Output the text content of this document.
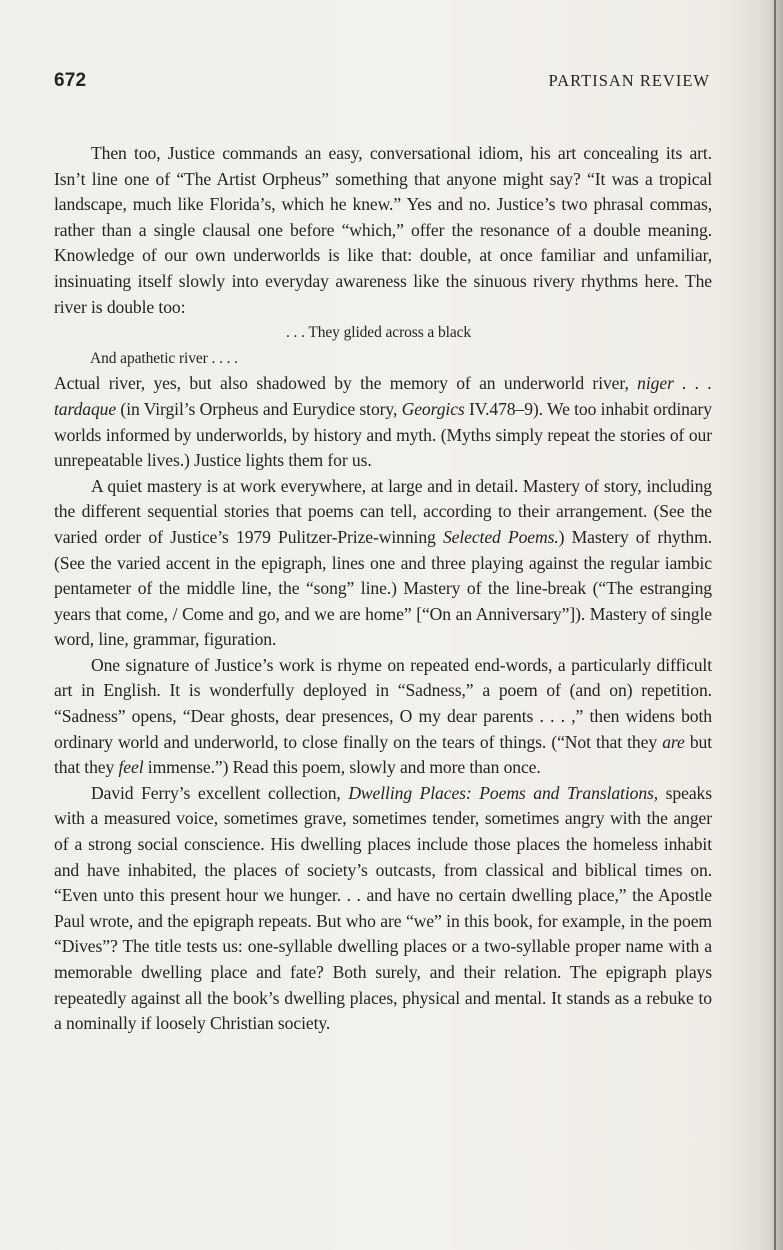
672	PARTISAN REVIEW

Then too, Justice commands an easy, conversational idiom, his art concealing its art. Isn’t line one of “The Artist Orpheus” something that anyone might say? “It was a tropical landscape, much like Florida’s, which he knew.” Yes and no. Justice’s two phrasal commas, rather than a single clausal one before “which,” offer the resonance of a double meaning. Knowledge of our own underworlds is like that: double, at once familiar and unfamiliar, insinuating itself slowly into everyday awareness like the sinuous rivery rhythms here. The river is double too:

. . . They glided across a black
And apathetic river . . . .

Actual river, yes, but also shadowed by the memory of an underworld river, niger . . . tardaque (in Virgil’s Orpheus and Eurydice story, Georgics IV.478–9). We too inhabit ordinary worlds informed by underworlds, by history and myth. (Myths simply repeat the stories of our unrepeatable lives.) Justice lights them for us.

A quiet mastery is at work everywhere, at large and in detail. Mastery of story, including the different sequential stories that poems can tell, according to their arrangement. (See the varied order of Justice’s 1979 Pulitzer-Prize-winning Selected Poems.) Mastery of rhythm. (See the varied accent in the epigraph, lines one and three playing against the regular iambic pentameter of the middle line, the “song” line.) Mastery of the line-break (“The estranging years that come, / Come and go, and we are home” [“On an Anniversary”]). Mastery of single word, line, grammar, figuration.

One signature of Justice’s work is rhyme on repeated end-words, a particularly difficult art in English. It is wonderfully deployed in “Sadness,” a poem of (and on) repetition. “Sadness” opens, “Dear ghosts, dear presences, O my dear parents . . . ,” then widens both ordinary world and underworld, to close finally on the tears of things. (“Not that they are but that they feel immense.”) Read this poem, slowly and more than once.

David Ferry’s excellent collection, Dwelling Places: Poems and Translations, speaks with a measured voice, sometimes grave, sometimes tender, sometimes angry with the anger of a strong social conscience. His dwelling places include those places the homeless inhabit and have inhabited, the places of society’s outcasts, from classical and biblical times on. “Even unto this present hour we hunger. . . and have no certain dwelling place,” the Apostle Paul wrote, and the epigraph repeats. But who are “we” in this book, for example, in the poem “Dives”? The title tests us: one-syllable dwelling places or a two-syllable proper name with a memorable dwelling place and fate? Both surely, and their relation. The epigraph plays repeatedly against all the book’s dwelling places, physical and mental. It stands as a rebuke to a nominally if loosely Christian society.
